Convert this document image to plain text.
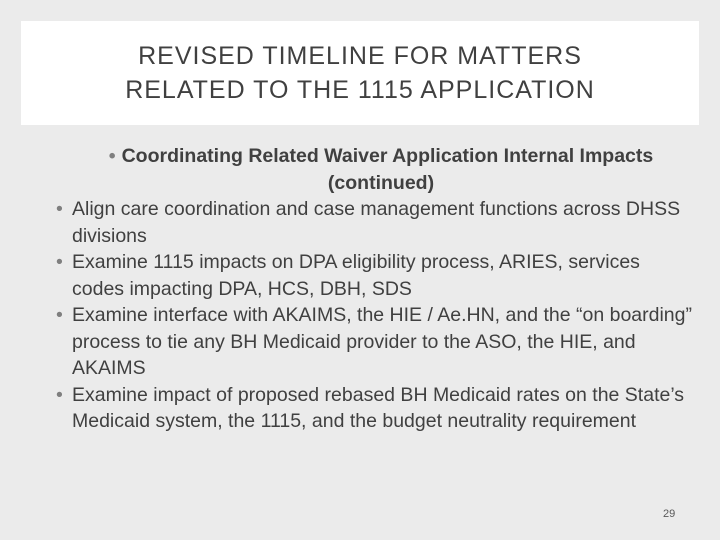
REVISED TIMELINE FOR MATTERS
RELATED TO THE 1115 APPLICATION
• Coordinating Related Waiver Application Internal Impacts (continued)
• Align care coordination and case management functions across DHSS divisions
• Examine 1115 impacts on DPA eligibility process, ARIES, services codes impacting DPA, HCS, DBH, SDS
• Examine interface with AKAIMS, the HIE / Ae.HN, and the “on boarding” process to tie any BH Medicaid provider to the ASO, the HIE, and AKAIMS
• Examine impact of proposed rebased BH Medicaid rates on the State’s Medicaid system, the 1115, and the budget neutrality requirement
29
